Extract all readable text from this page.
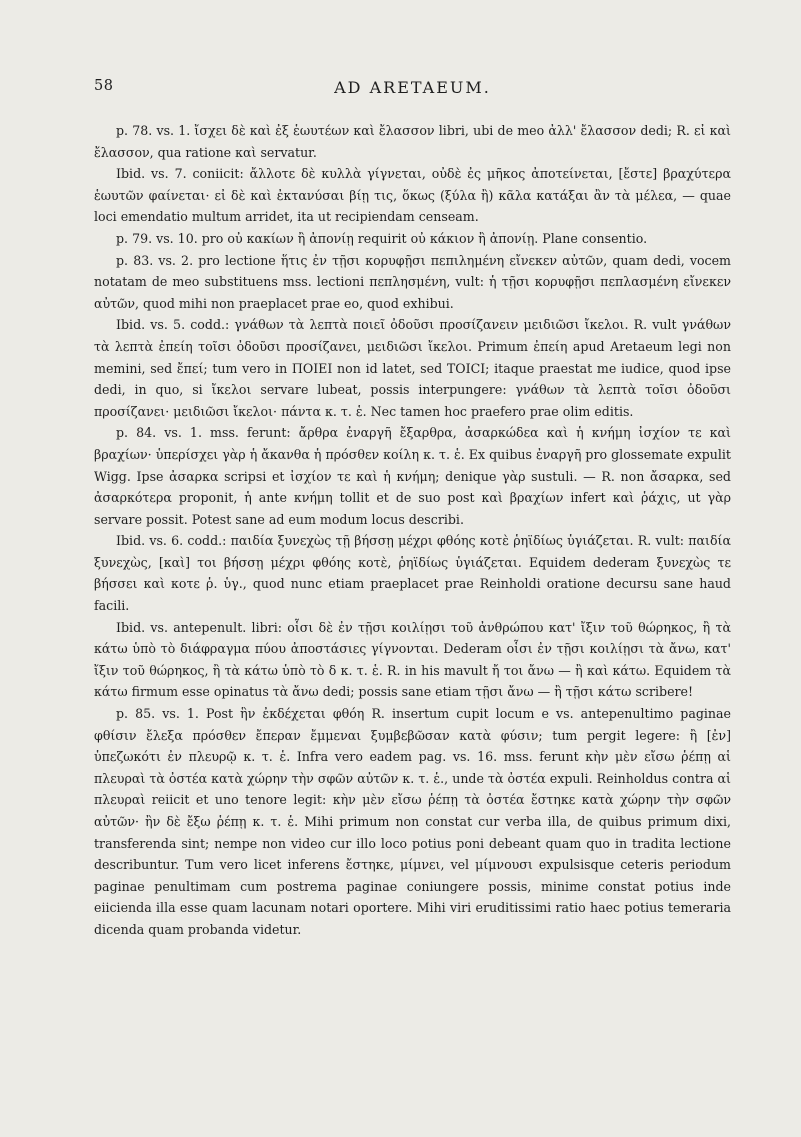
58	AD ARETAEUM.

p. 78. vs. 1. ἴσχει δὲ καὶ ἐξ ἑωυτέων καὶ ἔλασσον libri, ubi de meo ἀλλ' ἔλασσον dedi; R. εἰ καὶ ἔλασσον, qua ratione καὶ servatur.

Ibid. vs. 7. coniicit: ἄλλοτε δὲ κυλλὰ γίγνεται, οὐδὲ ἐς μῆκος ἀποτείνεται, [ἔστε] βραχύτερα ἑωυτῶν φαίνεται· εἰ δὲ καὶ ἐκτανύσαι βίῃ τις, ὅκως (ξύλα ἢ) κᾶλα κατάξαι ἂν τὰ μέλεα, — quae loci emendatio multum arridet, ita ut recipiendam censeam.

p. 79. vs. 10. pro οὐ κακίων ἢ ἀπονίῃ requirit οὐ κάκιον ἢ ἀπονίῃ. Plane consentio.

p. 83. vs. 2. pro lectione ἥτις ἐν τῇσι κορυφῇσι πεπιλημένη εἴνεκεν αὐτῶν, quam dedi, vocem notatam de meo substituens mss. lectioni πεπλησμένη, vult: ἡ τῇσι κορυφῇσι πεπλασμένη εἴνεκεν αὐτῶν, quod mihi non praeplacet prae eo, quod exhibui.

Ibid. vs. 5. codd.: γνάθων τὰ λεπτὰ ποιεῖ ὀδοῦσι προσίζανειν μειδιῶσι ἴκελοι. R. vult γνάθων τὰ λεπτὰ ἐπείη τοῖσι ὀδοῦσι προσίζανει, μειδιῶσι ἴκελοι. Primum ἐπείη apud Aretaeum legi non memini, sed ἔπεί; tum vero in ΠΟΙΕΙ non id latet, sed ΤΟΙCΙ; itaque praestat me iudice, quod ipse dedi, in quo, si ἴκελοι servare lubeat, possis interpungere: γνάθων τὰ λεπτὰ τοῖσι ὀδοῦσι προσίζανει· μειδιῶσι ἴκελοι· πάντα κ. τ. ἑ. Nec tamen hoc praefero prae olim editis.

p. 84. vs. 1. mss. ferunt: ἄρθρα ἐναργῆ ἔξαρθρα, ἀσαρκώδεα καὶ ἡ κνήμη ἰσχίον τε καὶ βραχίων· ὑπερίσχει γὰρ ἡ ἄκανθα ἡ πρόσθεν κοίλη κ. τ. ἑ. Ex quibus ἐναργῆ pro glossemate expulit Wigg. Ipse ἀσαρκα scripsi et ἰσχίον τε καὶ ἡ κνήμη; denique γὰρ sustuli. — R. non ἄσαρκα, sed ἀσαρκότερα proponit, ἡ ante κνήμη tollit et de suo post καὶ βραχίων infert καὶ ῥάχις, ut γὰρ servare possit. Potest sane ad eum modum locus describi.

Ibid. vs. 6. codd.: παιδία ξυνεχὼς τῇ βήσσῃ μέχρι φθόης κοτὲ ῥηϊδίως ὑγιάζεται. R. vult: παιδία ξυνεχὼς, [καὶ] τοι βήσσῃ μέχρι φθόης κοτὲ, ῥηϊδίως ὑγιάζεται. Equidem dederam ξυνεχὼς τε βήσσει καὶ κοτε ῥ. ὑγ., quod nunc etiam praeplacet prae Reinholdi oratione decursu sane haud facili.

Ibid. vs. antepenult. libri: οἷσι δὲ ἐν τῇσι κοιλίῃσι τοῦ ἀνθρώπου κατ' ἴξιν τοῦ θώρηκος, ἢ τὰ κάτω ὑπὸ τὸ διάφραγμα πύου ἀποστάσιες γίγνονται. Dederam οἷσι ἐν τῇσι κοιλίῃσι τὰ ἄνω, κατ' ἴξιν τοῦ θώρηκος, ἢ τὰ κάτω ὑπὸ τὸ δ κ. τ. ἑ. R. in his mavult ἤ τοι ἄνω — ἢ καὶ κάτω. Equidem τὰ κάτω firmum esse opinatus τὰ ἄνω dedi; possis sane etiam τῇσι ἄνω — ἢ τῇσι κάτω scribere!

p. 85. vs. 1. Post ἣν ἐκδέχεται φθόη R. insertum cupit locum e vs. antepenultimo paginae φθίσιν ἔλεξα πρόσθεν ἔπεραν ἔμμεναι ξυμβεβῶσαν κατὰ φύσιν; tum pergit legere: ἢ [ἐν] ὑπεζωκότι ἐν πλευρῷ κ. τ. ἑ. Infra vero eadem pag. vs. 16. mss. ferunt κὴν μὲν εἴσω ῥέπῃ αἱ πλευραὶ τὰ ὀστέα κατὰ χώρην τὴν σφῶν αὐτῶν κ. τ. ἑ., unde τὰ ὀστέα expuli. Reinholdus contra αἱ πλευραὶ reiicit et uno tenore legit: κὴν μὲν εἴσω ῥέπῃ τὰ ὀστέα ἔστηκε κατὰ χώρην τὴν σφῶν αὐτῶν· ἢν δὲ ἔξω ῥέπῃ κ. τ. ἑ. Mihi primum non constat cur verba illa, de quibus primum dixi, transferenda sint; nempe non video cur illo loco potius poni debeant quam quo in tradita lectione describuntur. Tum vero licet inferens ἔστηκε, μίμνει, vel μίμνουσι expulsisque ceteris periodum paginae penultimam cum postrema paginae coniungere possis, minime constat potius inde eiicienda illa esse quam lacunam notari oportere. Mihi viri eruditissimi ratio haec potius temeraria dicenda quam probanda videtur.
